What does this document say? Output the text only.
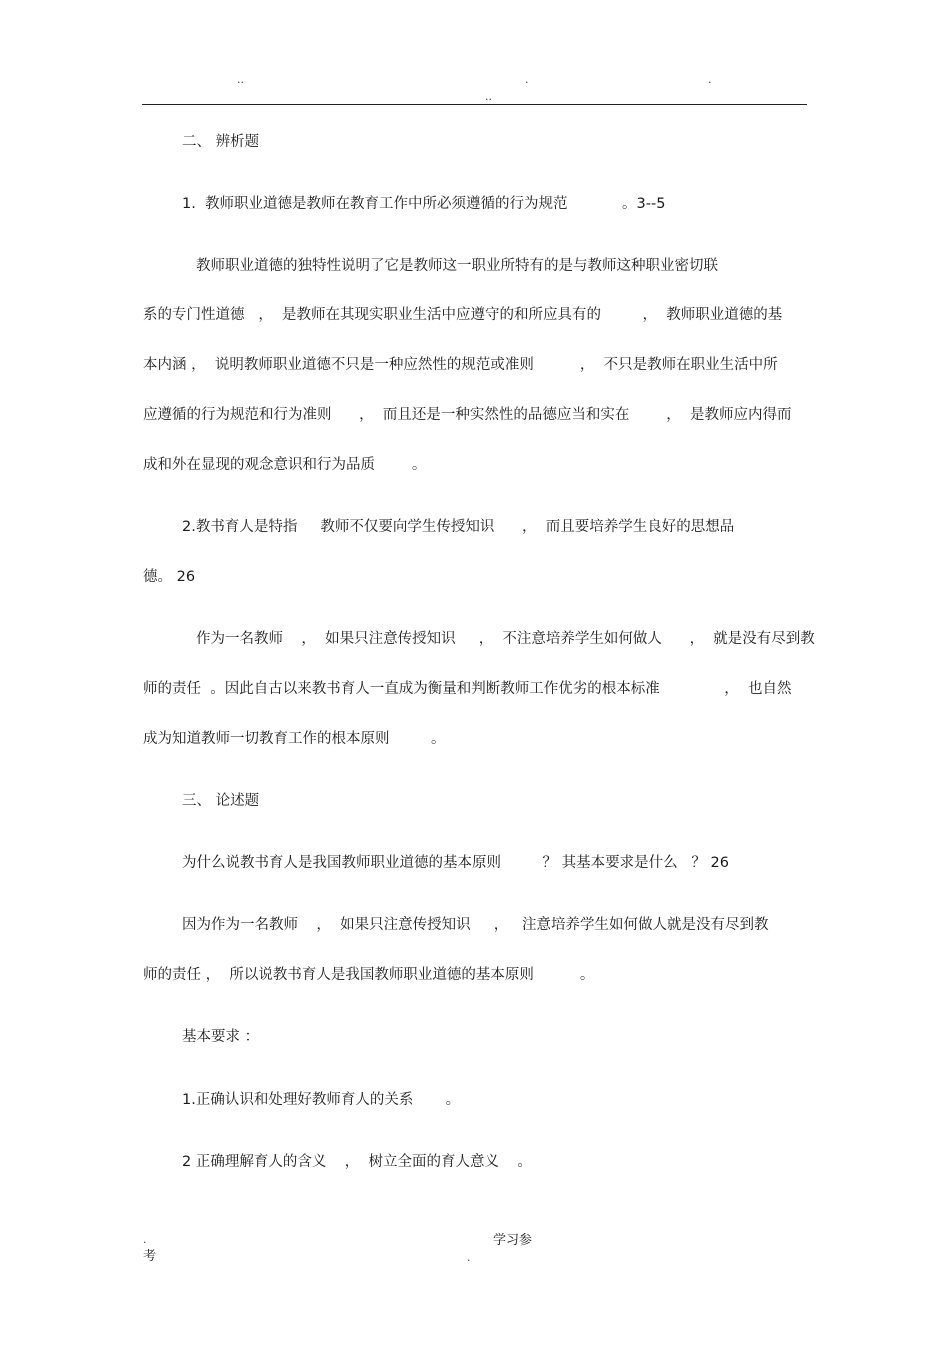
..	.	.
..
二、 辨析题
1.  教师职业道德是教师在教育工作中所必须遵循的行为规范	。3--5
教师职业道德的独特性说明了它是教师这一职业所特有的是与教师这种职业密切联
系的专门性道德   ，  是教师在其现实职业生活中应遵守的和所应具有的         ，  教师职业道德的基
本内涵 ，  说明教师职业道德不只是一种应然性的规范或准则          ，  不只是教师在职业生活中所
应遵循的行为规范和行为准则      ，  而且还是一种实然性的品德应当和实在        ，  是教师应内得而
成和外在显现的观念意识和行为品质        。
2.教书育人是特指     教师不仅要向学生传授知识      ，  而且要培养学生良好的思想品
德。 26
作为一名教师    ，  如果只注意传授知识     ，  不注意培养学生如何做人      ，  就是没有尽到教
师的责任  。因此自古以来教书育人一直成为衡量和判断教师工作优劣的根本标准              ，  也自然
成为知道教师一切教育工作的根本原则         。
三、 论述题
为什么说教书育人是我国教师职业道德的基本原则         ？ 其基本要求是什么   ？ 26
因为作为一名教师    ，  如果只注意传授知识     ，   注意培养学生如何做人就是没有尽到教
师的责任 ，  所以说教书育人是我国教师职业道德的基本原则          。
基本要求 ：
1.正确认识和处理好教师育人的关系       。
2 正确理解育人的含义    ，  树立全面的育人意义    。
.	学习参
考	.
